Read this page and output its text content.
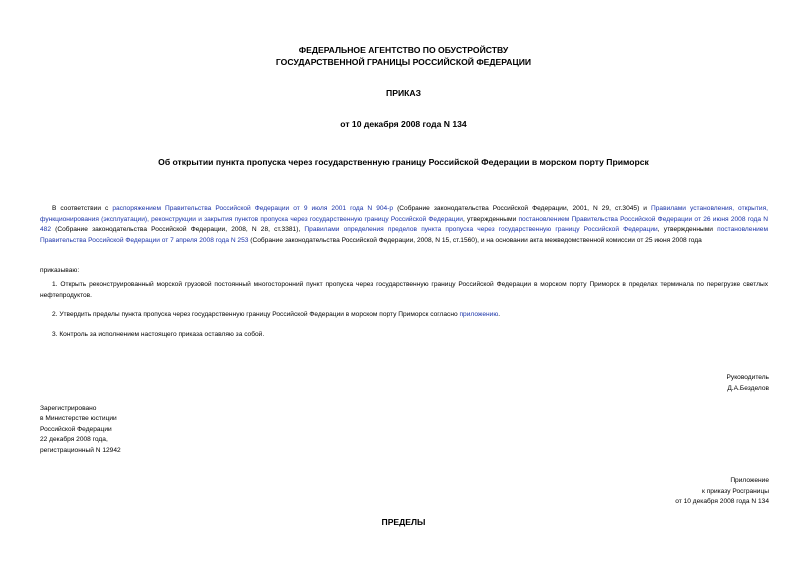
ФЕДЕРАЛЬНОЕ АГЕНТСТВО ПО ОБУСТРОЙСТВУ
ГОСУДАРСТВЕННОЙ ГРАНИЦЫ РОССИЙСКОЙ ФЕДЕРАЦИИ
ПРИКАЗ
от 10 декабря 2008 года N 134
Об открытии пункта пропуска через государственную границу Российской Федерации в морском порту Приморск
В соответствии с распоряжением Правительства Российской Федерации от 9 июля 2001 года N 904-р (Собрание законодательства Российской Федерации, 2001, N 29, ст.3045) и Правилами установления, открытия, функционирования (эксплуатации), реконструкции и закрытия пунктов пропуска через государственную границу Российской Федерации, утвержденными постановлением Правительства Российской Федерации от 26 июня 2008 года N 482 (Собрание законодательства Российской Федерации, 2008, N 28, ст.3381), Правилами определения пределов пункта пропуска через государственную границу Российской Федерации, утвержденными постановлением Правительства Российской Федерации от 7 апреля 2008 года N 253 (Собрание законодательства Российской Федерации, 2008, N 15, ст.1560), и на основании акта межведомственной комиссии от 25 июня 2008 года
приказываю:
1. Открыть реконструированный морской грузовой постоянный многосторонний пункт пропуска через государственную границу Российской Федерации в морском порту Приморск в пределах терминала по перегрузке светлых нефтепродуктов.
2. Утвердить пределы пункта пропуска через государственную границу Российской Федерации в морском порту Приморск согласно приложению.
3. Контроль за исполнением настоящего приказа оставляю за собой.
Руководитель
Д.А.Безделов
Зарегистрировано
в Министерстве юстиции
Российской Федерации
22 декабря 2008 года,
регистрационный N 12942
Приложение
к приказу Росграницы
от 10 декабря 2008 года N 134
ПРЕДЕЛЫ
